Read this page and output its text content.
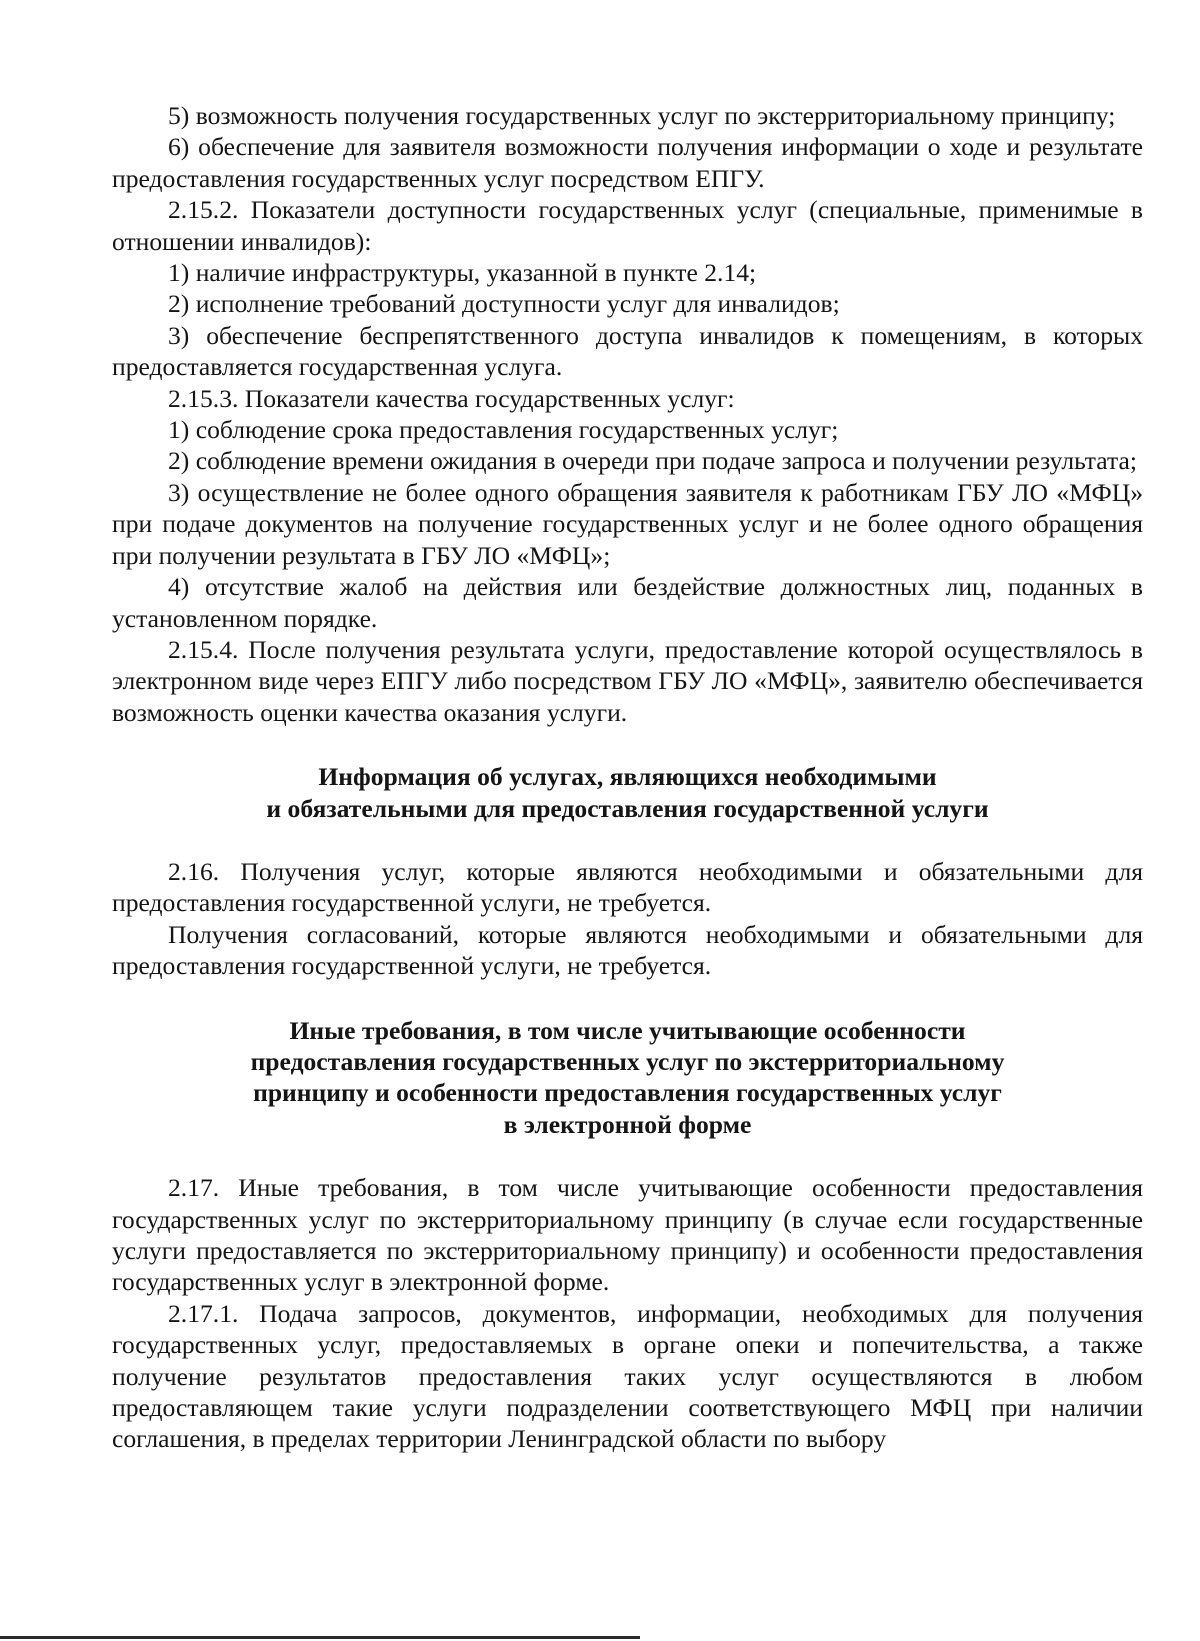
5) возможность получения государственных услуг по экстерриториальному принципу;

6) обеспечение для заявителя возможности получения информации о ходе и результате предоставления государственных услуг посредством ЕПГУ.

2.15.2. Показатели доступности государственных услуг (специальные, применимые в отношении инвалидов):

1) наличие инфраструктуры, указанной в пункте 2.14;

2) исполнение требований доступности услуг для инвалидов;

3) обеспечение беспрепятственного доступа инвалидов к помещениям, в которых предоставляется государственная услуга.

2.15.3. Показатели качества государственных услуг:

1) соблюдение срока предоставления государственных услуг;

2) соблюдение времени ожидания в очереди при подаче запроса и получении результата;

3) осуществление не более одного обращения заявителя к работникам ГБУ ЛО «МФЦ» при подаче документов на получение государственных услуг и не более одного обращения при получении результата в ГБУ ЛО «МФЦ»;

4) отсутствие жалоб на действия или бездействие должностных лиц, поданных в установленном порядке.

2.15.4. После получения результата услуги, предоставление которой осуществлялось в электронном виде через ЕПГУ либо посредством ГБУ ЛО «МФЦ», заявителю обеспечивается возможность оценки качества оказания услуги.

Информация об услугах, являющихся необходимыми
и обязательными для предоставления государственной услуги

2.16. Получения услуг, которые являются необходимыми и обязательными для предоставления государственной услуги, не требуется.

Получения согласований, которые являются необходимыми и обязательными для предоставления государственной услуги, не требуется.

Иные требования, в том числе учитывающие особенности
предоставления государственных услуг по экстерриториальному
принципу и особенности предоставления государственных услуг
в электронной форме

2.17. Иные требования, в том числе учитывающие особенности предоставления государственных услуг по экстерриториальному принципу (в случае если государственные услуги предоставляется по экстерриториальному принципу) и особенности предоставления государственных услуг в электронной форме.

2.17.1. Подача запросов, документов, информации, необходимых для получения государственных услуг, предоставляемых в органе опеки и попечительства, а также получение результатов предоставления таких услуг осуществляются в любом предоставляющем такие услуги подразделении соответствующего МФЦ при наличии соглашения, в пределах территории Ленинградской области по выбору
